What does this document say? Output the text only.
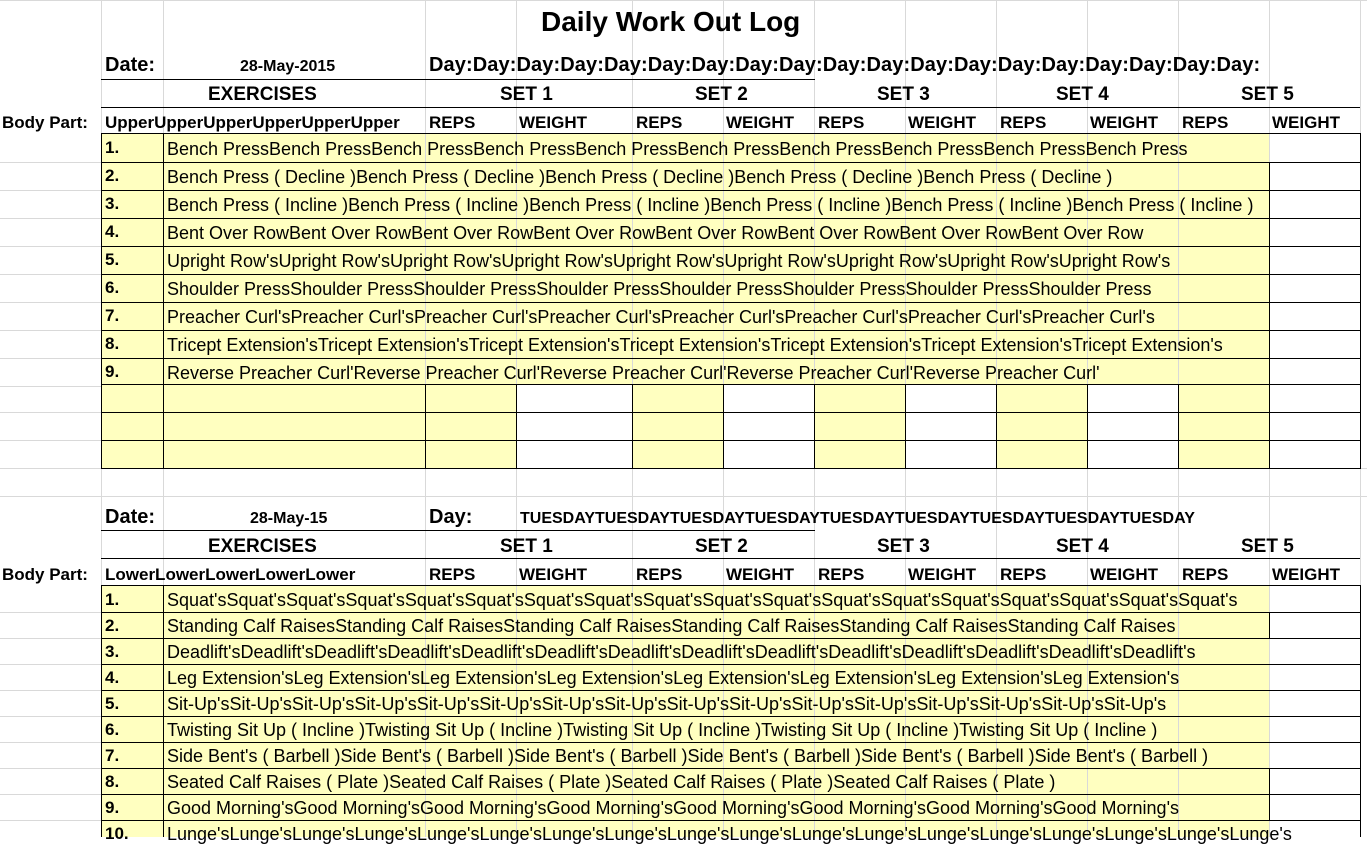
Daily Work Out Log
Date:	28-May-2015	Day:Day:Day:Day:Day:Day:Day:Day:Day:Day:Day:Day:Day:Day:Day:Day:Day:Day:Day:
EXERCISES	SET 1	SET 2	SET 3	SET 4	SET 5
Body Part: UpperUpperUpperUpperUpperUpper REPS	WEIGHT	REPS	WEIGHT REPS	WEIGHT REPS	WEIGHT REPS	WEIGHT
1.	Bench PressBench PressBench PressBench PressBench PressBench PressBench PressBench PressBench PressBench Press
2.	Bench Press ( Decline )Bench Press ( Decline )Bench Press ( Decline )Bench Press ( Decline )Bench Press ( Decline )
3.	Bench Press ( Incline )Bench Press ( Incline )Bench Press ( Incline )Bench Press ( Incline )Bench Press ( Incline )Bench Press ( Incline )
4.	Bent Over RowBent Over RowBent Over RowBent Over RowBent Over RowBent Over RowBent Over RowBent Over Row
5.	Upright Row'sUpright Row'sUpright Row'sUpright Row'sUpright Row'sUpright Row'sUpright Row'sUpright Row'sUpright Row's
6.	Shoulder PressShoulder PressShoulder PressShoulder PressShoulder PressShoulder PressShoulder PressShoulder Press
7.	Preacher Curl'sPreacher Curl'sPreacher Curl'sPreacher Curl'sPreacher Curl'sPreacher Curl'sPreacher Curl'sPreacher Curl's
8.	Tricept Extension'sTricept Extension'sTricept Extension'sTricept Extension'sTricept Extension'sTricept Extension'sTricept Extension's
9.	Reverse Preacher Curl'Reverse Preacher Curl'Reverse Preacher Curl'Reverse Preacher Curl'Reverse Preacher Curl'
Date:	28-May-15	Day:	TUESDAYTUESDAYTUESDAYTUESDAYTUESDAYTUESDAYTUESDAYTUESDAYTUESDAY
EXERCISES	SET 1	SET 2	SET 3	SET 4	SET 5
Body Part: LowerLowerLowerLowerLower	REPS	WEIGHT	REPS	WEIGHT REPS	WEIGHT REPS	WEIGHT REPS	WEIGHT
1.	Squat'sSquat'sSquat'sSquat'sSquat'sSquat'sSquat'sSquat'sSquat'sSquat'sSquat'sSquat'sSquat'sSquat'sSquat'sSquat'sSquat'sSquat's
2.	Standing Calf RaisesStanding Calf RaisesStanding Calf RaisesStanding Calf RaisesStanding Calf RaisesStanding Calf Raises
3.	Deadlift'sDeadlift'sDeadlift'sDeadlift'sDeadlift'sDeadlift'sDeadlift'sDeadlift'sDeadlift'sDeadlift'sDeadlift'sDeadlift'sDeadlift'sDeadlift's
4.	Leg Extension'sLeg Extension'sLeg Extension'sLeg Extension'sLeg Extension'sLeg Extension'sLeg Extension'sLeg Extension's
5.	Sit-Up'sSit-Up'sSit-Up'sSit-Up'sSit-Up'sSit-Up'sSit-Up'sSit-Up'sSit-Up'sSit-Up'sSit-Up'sSit-Up'sSit-Up'sSit-Up'sSit-Up'sSit-Up's
6.	Twisting Sit Up ( Incline )Twisting Sit Up ( Incline )Twisting Sit Up ( Incline )Twisting Sit Up ( Incline )Twisting Sit Up ( Incline )
7.	Side Bent's ( Barbell )Side Bent's ( Barbell )Side Bent's ( Barbell )Side Bent's ( Barbell )Side Bent's ( Barbell )Side Bent's ( Barbell )
8.	Seated Calf Raises ( Plate )Seated Calf Raises ( Plate )Seated Calf Raises ( Plate )Seated Calf Raises ( Plate )
9.	Good Morning'sGood Morning'sGood Morning'sGood Morning'sGood Morning'sGood Morning'sGood Morning'sGood Morning's
10. Lunge'sLunge'sLunge'sLunge'sLunge'sLunge'sLunge'sLunge'sLunge'sLunge'sLunge'sLunge'sLunge'sLunge'sLunge'sLunge'sLunge'sLunge's
